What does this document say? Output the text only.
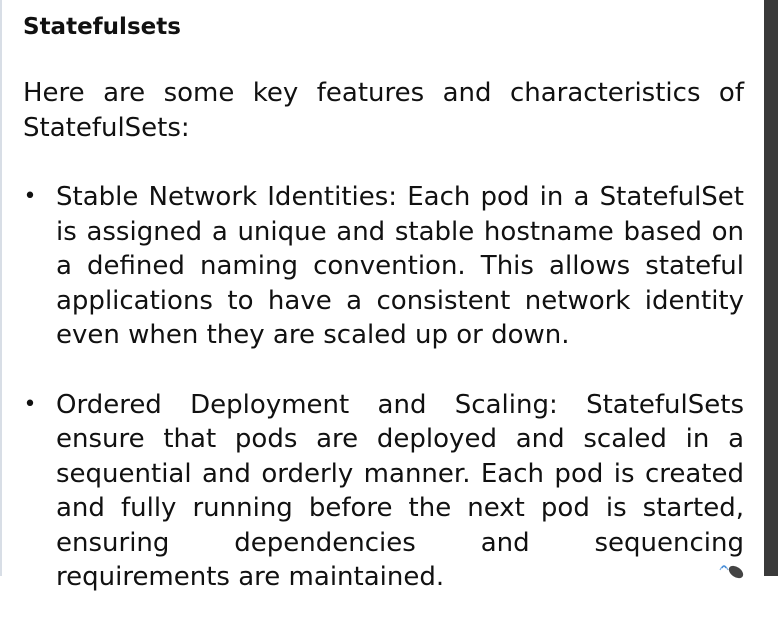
Statefulsets

Here are some key features and characteristics of StatefulSets:

• Stable Network Identities: Each pod in a StatefulSet is assigned a unique and stable hostname based on a defined naming convention. This allows stateful applications to have a consistent network identity even when they are scaled up or down.
• Ordered Deployment and Scaling: StatefulSets ensure that pods are deployed and scaled in a sequential and orderly manner. Each pod is created and fully running before the next pod is started, ensuring dependencies and sequencing requirements are maintained.
